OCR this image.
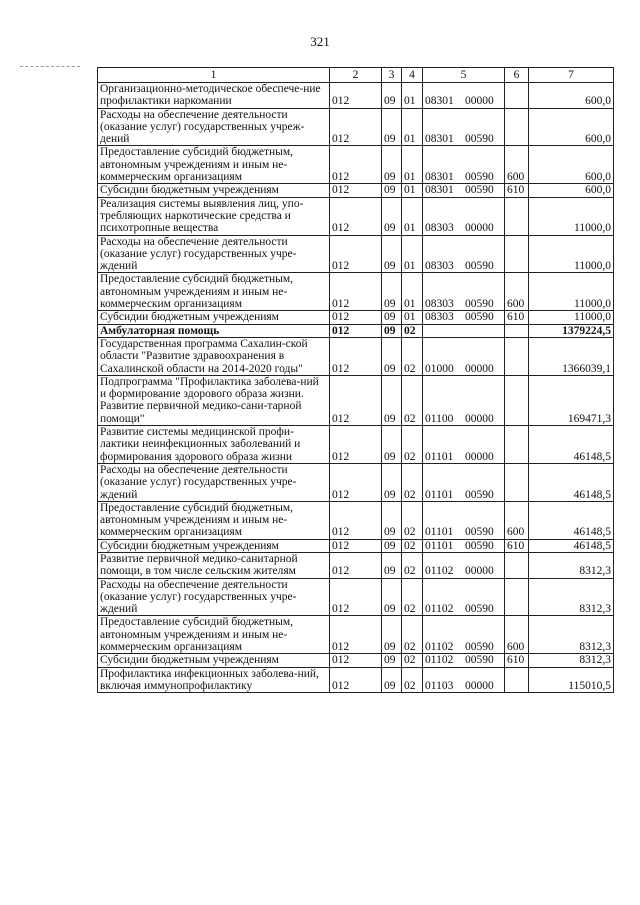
321
1	2	3	4	5	6	7
Организационно-методическое обеспече-ние профилактики наркомании	012	09	01	08301 00000		600,0
Расходы на обеспечение деятельности (оказание услуг) государственных учреж-дений	012	09	01	08301 00590		600,0
Предоставление субсидий бюджетным, автономным учреждениям и иным не-коммерческим организациям	012	09	01	08301 00590	600	600,0
Субсидии бюджетным учреждениям	012	09	01	08301 00590	610	600,0
Реализация системы выявления лиц, упо-требляющих наркотические средства и психотропные вещества	012	09	01	08303 00000		11000,0
Расходы на обеспечение деятельности (оказание услуг) государственных учре-ждений	012	09	01	08303 00590		11000,0
Предоставление субсидий бюджетным, автономным учреждениям и иным не-коммерческим организациям	012	09	01	08303 00590	600	11000,0
Субсидии бюджетным учреждениям	012	09	01	08303 00590	610	11000,0
Амбулаторная помощь	012	09	02			1379224,5
Государственная программа Сахалин-ской области "Развитие здравоохранения в Сахалинской области на 2014-2020 годы"	012	09	02	01000 00000		1366039,1
Подпрограмма "Профилактика заболева-ний и формирование здорового образа жизни. Развитие первичной медико-сани-тарной помощи"	012	09	02	01100 00000		169471,3
Развитие системы медицинской профи-лактики неинфекционных заболеваний и формирования здорового образа жизни	012	09	02	01101 00000		46148,5
Расходы на обеспечение деятельности (оказание услуг) государственных учре-ждений	012	09	02	01101 00590		46148,5
Предоставление субсидий бюджетным, автономным учреждениям и иным не-коммерческим организациям	012	09	02	01101 00590	600	46148,5
Субсидии бюджетным учреждениям	012	09	02	01101 00590	610	46148,5
Развитие первичной медико-санитарной помощи, в том числе сельским жителям	012	09	02	01102 00000		8312,3
Расходы на обеспечение деятельности (оказание услуг) государственных учре-ждений	012	09	02	01102 00590		8312,3
Предоставление субсидий бюджетным, автономным учреждениям и иным не-коммерческим организациям	012	09	02	01102 00590	600	8312,3
Субсидии бюджетным учреждениям	012	09	02	01102 00590	610	8312,3
Профилактика инфекционных заболева-ний, включая иммунопрофилактику	012	09	02	01103 00000		115010,5
